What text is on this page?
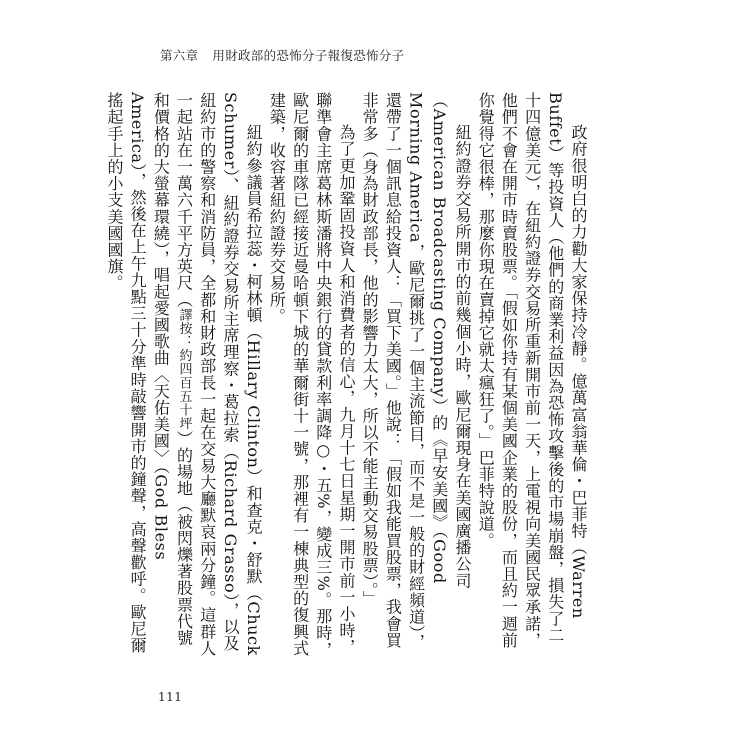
第六章 用財政部的恐怖分子報復恐怖分子

政府很明白的力勸大家保持冷靜。億萬富翁華倫・巴菲特（Warren Buffet）等投資人（他們的商業利益因為恐怖攻擊後的市場崩盤，損失了二十四億美元），在紐約證券交易所重新開市前一天，上電視向美國民眾承諾，他們不會在開市時賣股票。「假如你持有某個美國企業的股份，而且約一週前你覺得它很棒，那麼你現在賣掉它就太瘋狂了。」巴菲特說道。

紐約證券交易所開市的前幾個小時，歐尼爾現身在美國廣播公司（American Broadcasting Company）的《早安美國》（Good Morning America，歐尼爾挑了一個主流節目，而不是一般的財經頻道），還帶了一個訊息給投資人：「買下美國。」他說：「假如我能買股票，我會買非常多（身為財政部長，他的影響力太大，所以不能主動交易股票）。」

為了更加鞏固投資人和消費者的信心，九月十七日星期一開市前一小時，聯準會主席葛林斯潘將中央銀行的貸款利率調降○・五%，變成三%。那時，歐尼爾的車隊已經接近曼哈頓下城的華爾街十一號，那裡有一棟典型的復興式建築，收容著紐約證券交易所。

紐約參議員希拉蕊・柯林頓（Hillary Clinton）和查克・舒默（Chuck Schumer）、紐約證券交易所主席理察・葛拉索（Richard Grasso），以及紐約市的警察和消防員，全都和財政部長一起在交易大廳默哀兩分鐘。這群人一起站在一萬六千平方英尺（譯按：約四百五十坪）的場地（被閃爍著股票代號和價格的大螢幕環繞），唱起愛國歌曲〈天佑美國〉（God Bless America），然後在上午九點三十分準時敲響開市的鐘聲，高聲歡呼。歐尼爾搖起手上的小支美國國旗。

111
